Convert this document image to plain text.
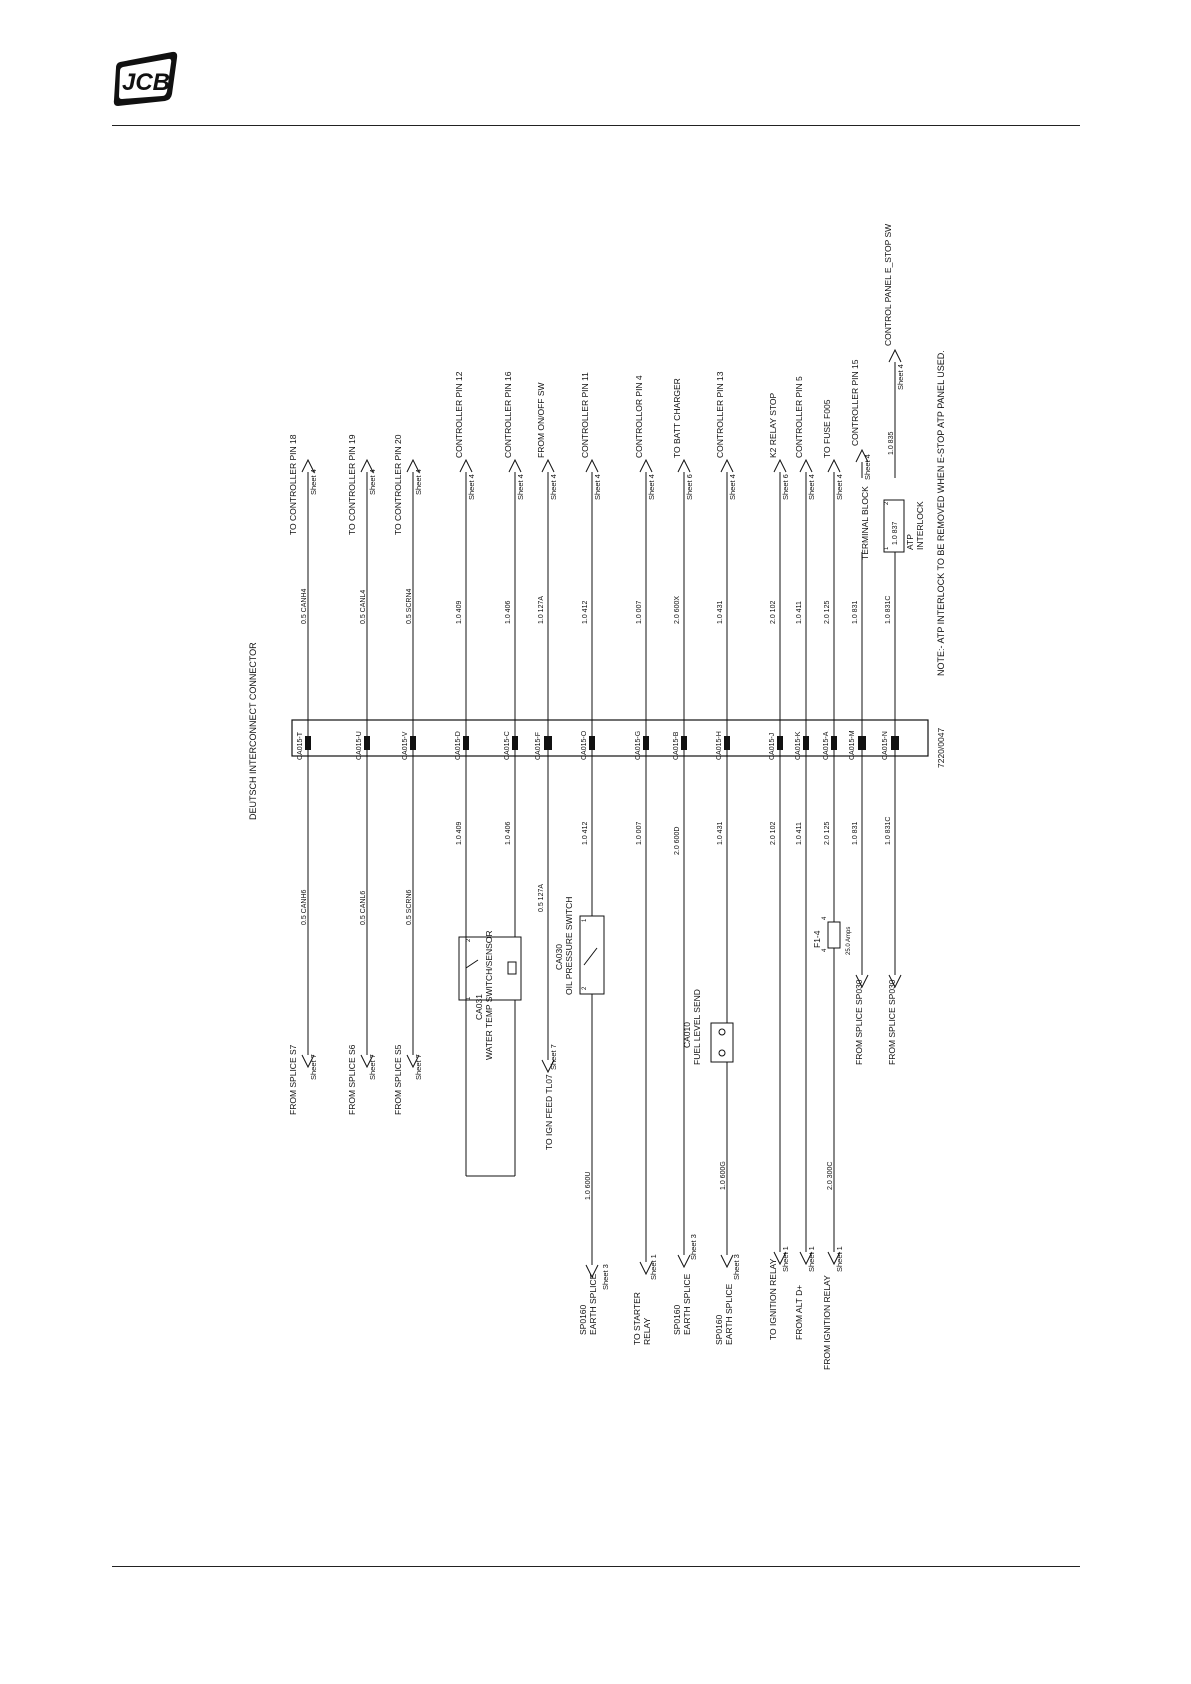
JCB
DEUTSCH INTERCONNECT CONNECTOR	7220/0047
CA015-T	CA015-U	CA015-V	CA015-D	CA015-C	CA015-F	CA015-O	CA015-G	CA015-B	CA015-H	CA015-J	CA015-K	CA015-A	CA015-M	CA015-N
0.5 CANH6	0.5 CANL6	0.5 SCRN6
1.0 409	1.0 406
0.5 127A
1.0 412	1.0 007	2.0 600D	1.0 431	2.0 102	1.0 411	2.0 125	1.0 831	1.0 831C
0.5 CANH4	0.5 CANL4	0.5 SCRN4	1.0 409	1.0 406	1.0 127A	1.0 412	1.0 007	2.0 600X	1.0 431	2.0 102	1.0 411	2.0 125	1.0 831	1.0 831C
TO CONTROLLER PIN 18 Sheet 4	TO CONTROLLER PIN 19 Sheet 4 TO CONTROLLER PIN 20 Sheet 4
CONTROLLER PIN 12
Sheet 4
CONTROLLER PIN 16
Sheet 4
FROM ON/OFF SW
Sheet 4
CONTROLLER PIN 11
Sheet 4
CONTROLLOR PIN 4
Sheet 4
TO BATT CHARGER
Sheet 6
CONTROLLER PIN 13
Sheet 4
K2 RELAY STOP
Sheet 6
CONTROLLER PIN 5
Sheet 4
TO FUSE F005
Sheet 4
CONTROLLER PIN 15
Sheet 4
CONTROL PANEL E_STOP SW
Sheet 4
FROM SPLICE S7 Sheet 7	FROM SPLICE S6 Sheet 7 FROM SPLICE S5 Sheet 7
TO IGN FEED TL07
Sheet 7
1.0 600U
SP0160 EARTH SPLICE Sheet 3
TO STARTER RELAY
Sheet 1
SP0160 EARTH SPLICE
Sheet 3
1.0 600G
SP0160 EARTH SPLICE
Sheet 3	TO IGNITION RELAY Sheet 1
FROM ALT D+
Sheet 1
2.0 300C
FROM IGNITION RELAY
Sheet 1
FROM SPLICE SP030	FROM SPLICE SP030
CA031 WATER TEMP SWITCH/SENSOR
2
1
CA030 OIL PRESSURE SWITCH 1
2
CA010 FUEL LEVEL SEND
F1-4	25.0 Amps
4
4
TERMINAL BLOCK 1
2
1.0 837 ATP INTERLOCK
1.0 835	NOTE:- ATP INTERLOCK TO BE REMOVED WHEN E-STOP ATP PANEL USED.
